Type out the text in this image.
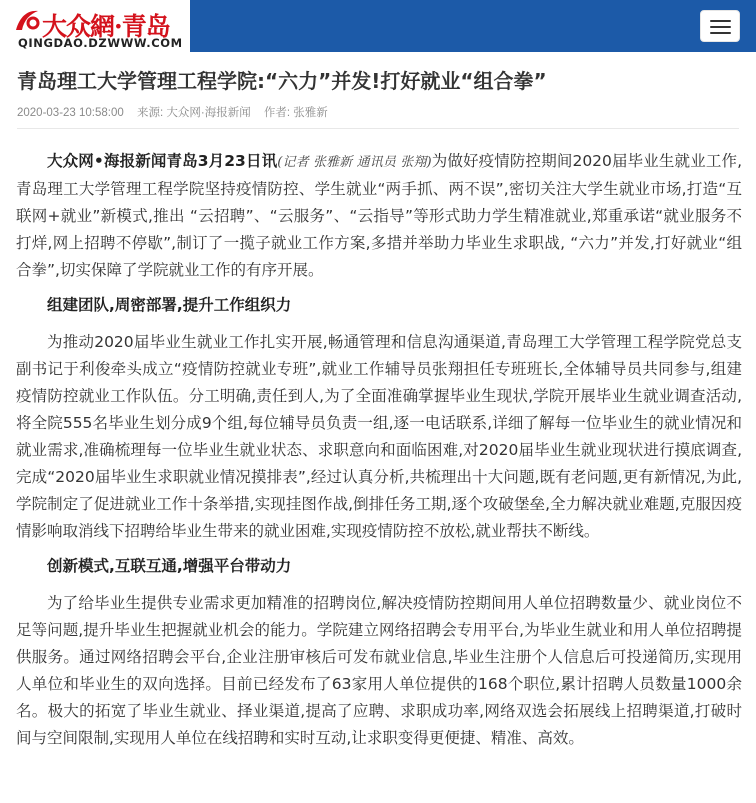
大众網·青岛
QINGDAO.DZWWW.COM
青岛理工大学管理工程学院:“六力”并发!打好就业“组合拳”
2020-03-23 10:58:00 来源: 大众网·海报新闻 作者: 张雅新

大众网•海报新闻青岛3月23日讯(记者 张雅新 通讯员 张翔)为做好疫情防控期间2020届毕业生就业工作,青岛理工大学管理工程学院坚持疫情防控、学生就业“两手抓、两不误”,密切关注大学生就业市场,打造“互联网+就业”新模式,推出 “云招聘”、“云服务”、“云指导”等形式助力学生精准就业,郑重承诺“就业服务不打烊,网上招聘不停歇”,制订了一揽子就业工作方案,多措并举助力毕业生求职战, “六力”并发,打好就业“组合拳”,切实保障了学院就业工作的有序开展。

组建团队,周密部署,提升工作组织力

为推动2020届毕业生就业工作扎实开展,畅通管理和信息沟通渠道,青岛理工大学管理工程学院党总支副书记于利俊牵头成立“疫情防控就业专班”,就业工作辅导员张翔担任专班班长,全体辅导员共同参与,组建疫情防控就业工作队伍。分工明确,责任到人,为了全面准确掌握毕业生现状,学院开展毕业生就业调查活动,将全院555名毕业生划分成9个组,每位辅导员负责一组,逐一电话联系,详细了解每一位毕业生的就业情况和就业需求,准确梳理每一位毕业生就业状态、求职意向和面临困难,对2020届毕业生就业现状进行摸底调查,完成“2020届毕业生求职就业情况摸排表”,经过认真分析,共梳理出十大问题,既有老问题,更有新情况,为此,学院制定了促进就业工作十条举措,实现挂图作战,倒排任务工期,逐个攻破堡垒,全力解决就业难题,克服因疫情影响取消线下招聘给毕业生带来的就业困难,实现疫情防控不放松,就业帮扶不断线。

创新模式,互联互通,增强平台带动力

为了给毕业生提供专业需求更加精准的招聘岗位,解决疫情防控期间用人单位招聘数量少、就业岗位不足等问题,提升毕业生把握就业机会的能力。学院建立网络招聘会专用平台,为毕业生就业和用人单位招聘提供服务。通过网络招聘会平台,企业注册审核后可发布就业信息,毕业生注册个人信息后可投递简历,实现用人单位和毕业生的双向选择。目前已经发布了63家用人单位提供的168个职位,累计招聘人员数量1000余名。极大的拓宽了毕业生就业、择业渠道,提高了应聘、求职成功率,网络双选会拓展线上招聘渠道,打破时间与空间限制,实现用人单位在线招聘和实时互动,让求职变得更便捷、精准、高效。
